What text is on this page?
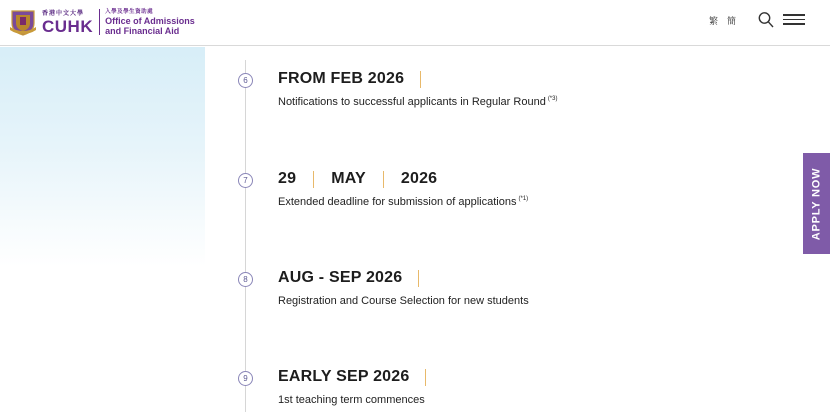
香港中文大學
CUHK
入學及學生資助處
Office of Admissions
and Financial Aid
繁 簡
6	FROM FEB 2026
Notifications to successful applicants in Regular Round $^{(*3)}$
7	29 MAY 2026
Extended deadline for submission of applications $^{(*1)}$
8	AUG - SEP 2026
Registration and Course Selection for new students
9	EARLY SEP 2026
1st teaching term commences
APPLY NOW
